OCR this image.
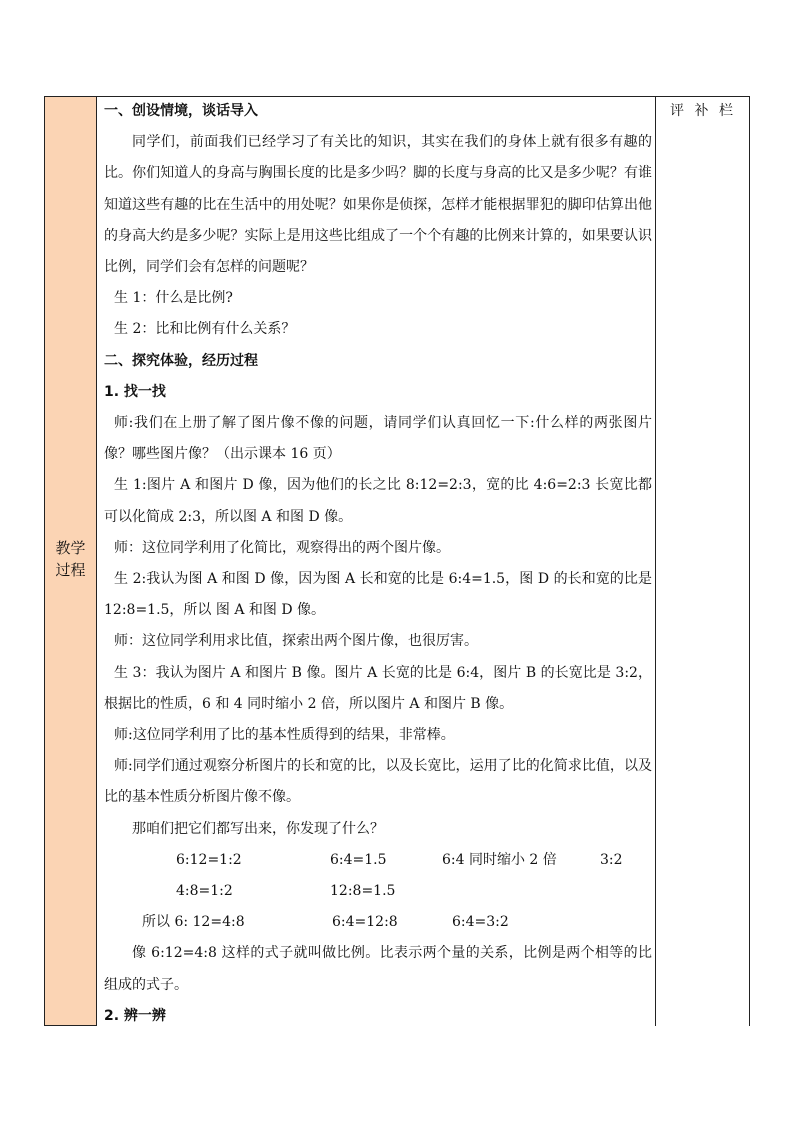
教学
过程
评 补 栏

一、创设情境，谈话导入

同学们，前面我们已经学习了有关比的知识，其实在我们的身体上就有很多有趣的比。你们知道人的身高与胸围长度的比是多少吗？脚的长度与身高的比又是多少呢？有谁知道这些有趣的比在生活中的用处呢？如果你是侦探，怎样才能根据罪犯的脚印估算出他的身高大约是多少呢？实际上是用这些比组成了一个个有趣的比例来计算的，如果要认识比例，同学们会有怎样的问题呢？

生 1：什么是比例?

生 2：比和比例有什么关系？

二、探究体验，经历过程

1. 找一找

师:我们在上册了解了图片像不像的问题，请同学们认真回忆一下:什么样的两张图片像？哪些图片像？（出示课本 16 页）

生 1:图片 A 和图片 D 像，因为他们的长之比 8:12=2:3，宽的比 4:6=2:3 长宽比都可以化简成 2:3，所以图 A 和图 D 像。

师：这位同学利用了化简比，观察得出的两个图片像。

生 2:我认为图 A 和图 D 像，因为图 A 长和宽的比是 6:4=1.5，图 D 的长和宽的比是 12:8=1.5，所以 图 A 和图 D 像。

师：这位同学利用求比值，探索出两个图片像，也很厉害。

生 3：我认为图片 A 和图片 B 像。图片 A 长宽的比是 6:4，图片 B 的长宽比是 3:2，根据比的性质，6 和 4 同时缩小 2 倍，所以图片 A 和图片 B 像。

师:这位同学利用了比的基本性质得到的结果，非常棒。

师:同学们通过观察分析图片的长和宽的比，以及长宽比，运用了比的化简求比值，以及比的基本性质分析图片像不像。

那咱们把它们都写出来，你发现了什么？

6:12=1:2	6:4=1.5	6:4 同时缩小 2 倍	3:2
4:8=1:2	12:8=1.5
所以 6: 12=4:8	6:4=12:8	6:4=3:2

像 6:12=4:8 这样的式子就叫做比例。比表示两个量的关系，比例是两个相等的比组成的式子。

2. 辨一辨
